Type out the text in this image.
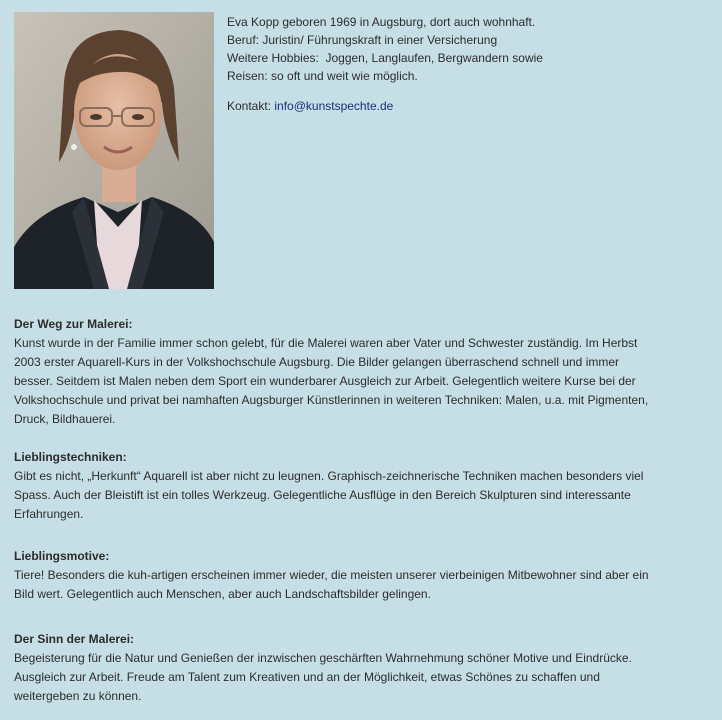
Eva Kopp geboren 1969 in Augsburg, dort auch wohnhaft.
Beruf: Juristin/ Führungskraft in einer Versicherung
Weitere Hobbies:  Joggen, Langlaufen, Bergwandern sowie
Reisen: so oft und weit wie möglich.
Kontakt: info@kunstspechte.de
Der Weg zur Malerei:

Kunst wurde in der Familie immer schon gelebt, für die Malerei waren aber Vater und Schwester zuständig. Im Herbst
2003 erster Aquarell-Kurs in der Volkshochschule Augsburg. Die Bilder gelangen überraschend schnell und immer
besser. Seitdem ist Malen neben dem Sport ein wunderbarer Ausgleich zur Arbeit. Gelegentlich weitere Kurse bei der
Volkshochschule und privat bei namhaften Augsburger Künstlerinnen in weiteren Techniken: Malen, u.a. mit Pigmenten,
Druck, Bildhauerei.

Lieblingstechniken:

Gibt es nicht, „Herkunft“ Aquarell ist aber nicht zu leugnen. Graphisch-zeichnerische Techniken machen besonders viel
Spass. Auch der Bleistift ist ein tolles Werkzeug. Gelegentliche Ausflüge in den Bereich Skulpturen sind interessante
Erfahrungen.

Lieblingsmotive:

Tiere! Besonders die kuh-artigen erscheinen immer wieder, die meisten unserer vierbeinigen Mitbewohner sind aber ein
Bild wert. Gelegentlich auch Menschen, aber auch Landschaftsbilder gelingen.

Der Sinn der Malerei:

Begeisterung für die Natur und Genießen der inzwischen geschärften Wahrnehmung schöner Motive und Eindrücke.
Ausgleich zur Arbeit. Freude am Talent zum Kreativen und an der Möglichkeit, etwas Schönes zu schaffen und
weitergeben zu können.
